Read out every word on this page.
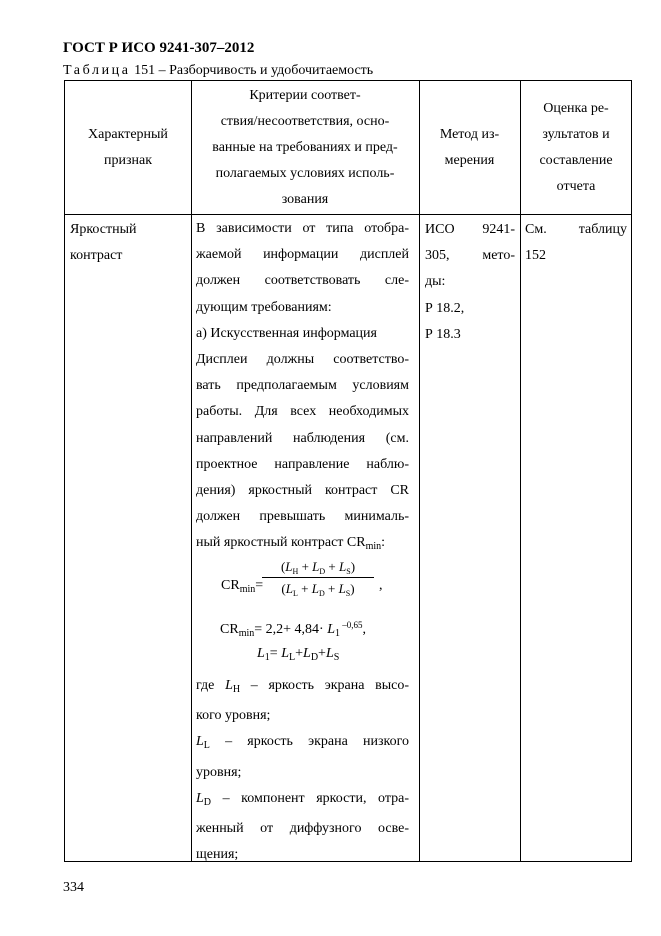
ГОСТ Р ИСО 9241-307–2012
Таблица 151 – Разборчивость и удобочитаемость
Характерный
признак
Критерии соответ-
ствия/несоответствия, осно-
ванные на требованиях и пред-
полагаемых условиях исполь-
зования
Метод из-
мерения
Оценка ре-
зультатов и
составление
отчета
Яркостный
контраст
ИСО 9241-
305, мето-
ды:
Р 18.2,
Р 18.3
См. таблицу
152
В зависимости от типа отобра-
жаемой информации дисплей
должен соответствовать сле-
дующим требованиям:
а) Искусственная информация
Дисплеи должны соответство-
вать предполагаемым условиям
работы. Для всех необходимых
направлений наблюдения (см.
проектное направление наблю-
дения) яркостный контраст CR
должен превышать минималь-
ный яркостный контраст $CR_{min}$:
$CR_{min}=$
$(L_H + L_D + L_S)$
$(L_L + L_D + L_S)$	,
$CR_{min}= 2,2+ 4,84\cdot L_1$ $^{-0,65}$,
$L_1= L_L+L_D+L_S$
где $L_H$ – яркость экрана высо-
кого уровня;
$L_L$ – яркость экрана низкого
уровня;
$L_D$ – компонент яркости, отра-
женный от диффузного осве-
щения;
334
